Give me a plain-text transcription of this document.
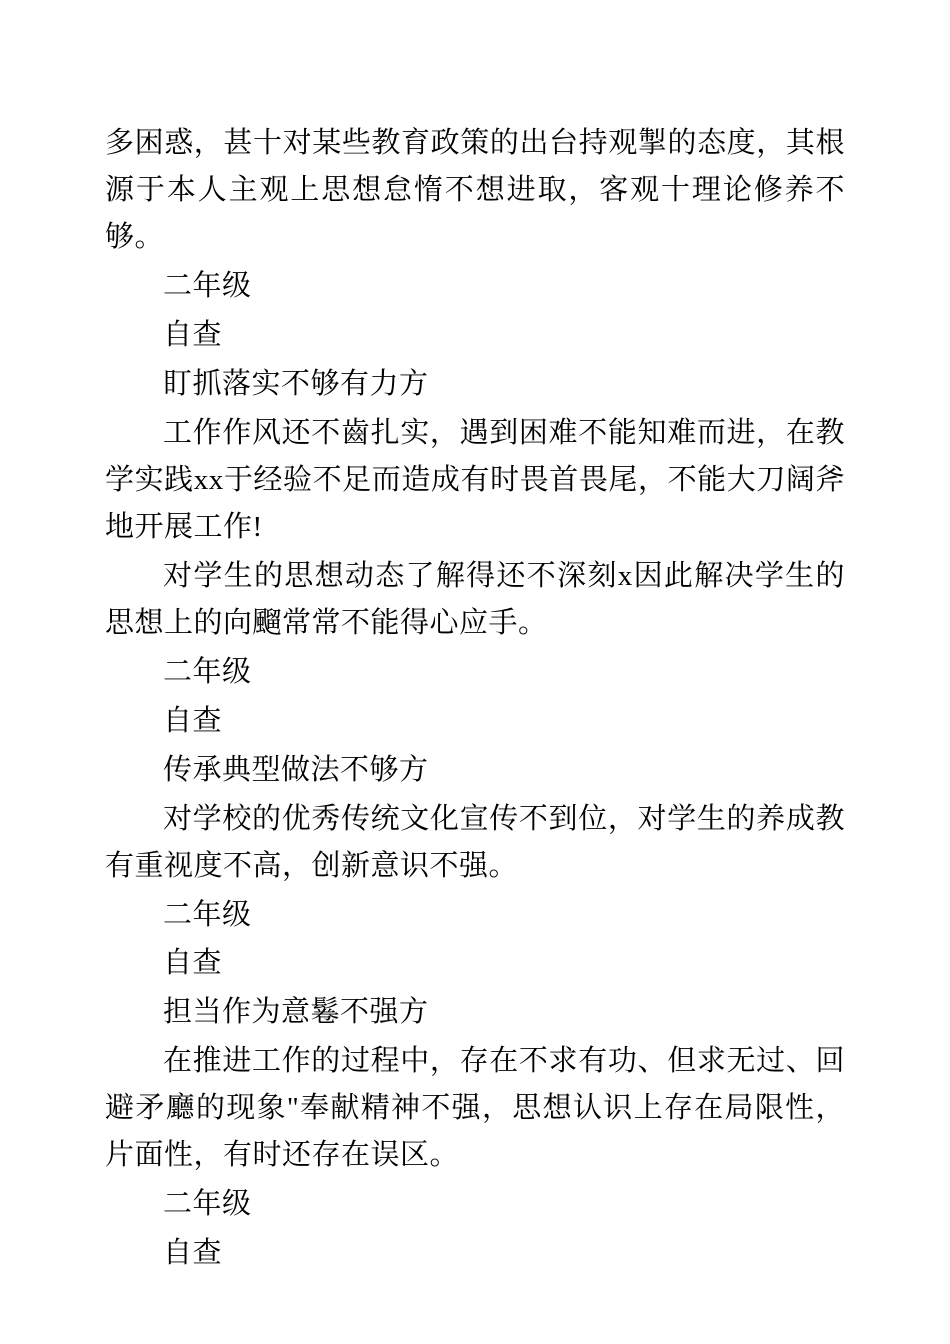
多困惑，甚十对某些教育政策的出台持观掣的态度，其根源于本人主观上思想怠惰不想进取，客观十理论修养不够。

二年级

自查

盯抓落实不够有力方

工作作风还不齒扎实，遇到困难不能知难而进，在教学实践xx于经验不足而造成有时畏首畏尾，不能大刀阔斧地开展工作!

对学生的思想动态了解得还不深刻x因此解决学生的思想上的向飀常常不能得心应手。

二年级

自查

传承典型做法不够方

对学校的优秀传统文化宣传不到位，对学生的养成教有重视度不高，创新意识不强。

二年级

自查

担当作为意鬈不强方

在推进工作的过程中，存在不求有功、但求无过、回避矛廳的现象"奉献精神不强，思想认识上存在局限性，片面性，有时还存在误区。

二年级

自查
